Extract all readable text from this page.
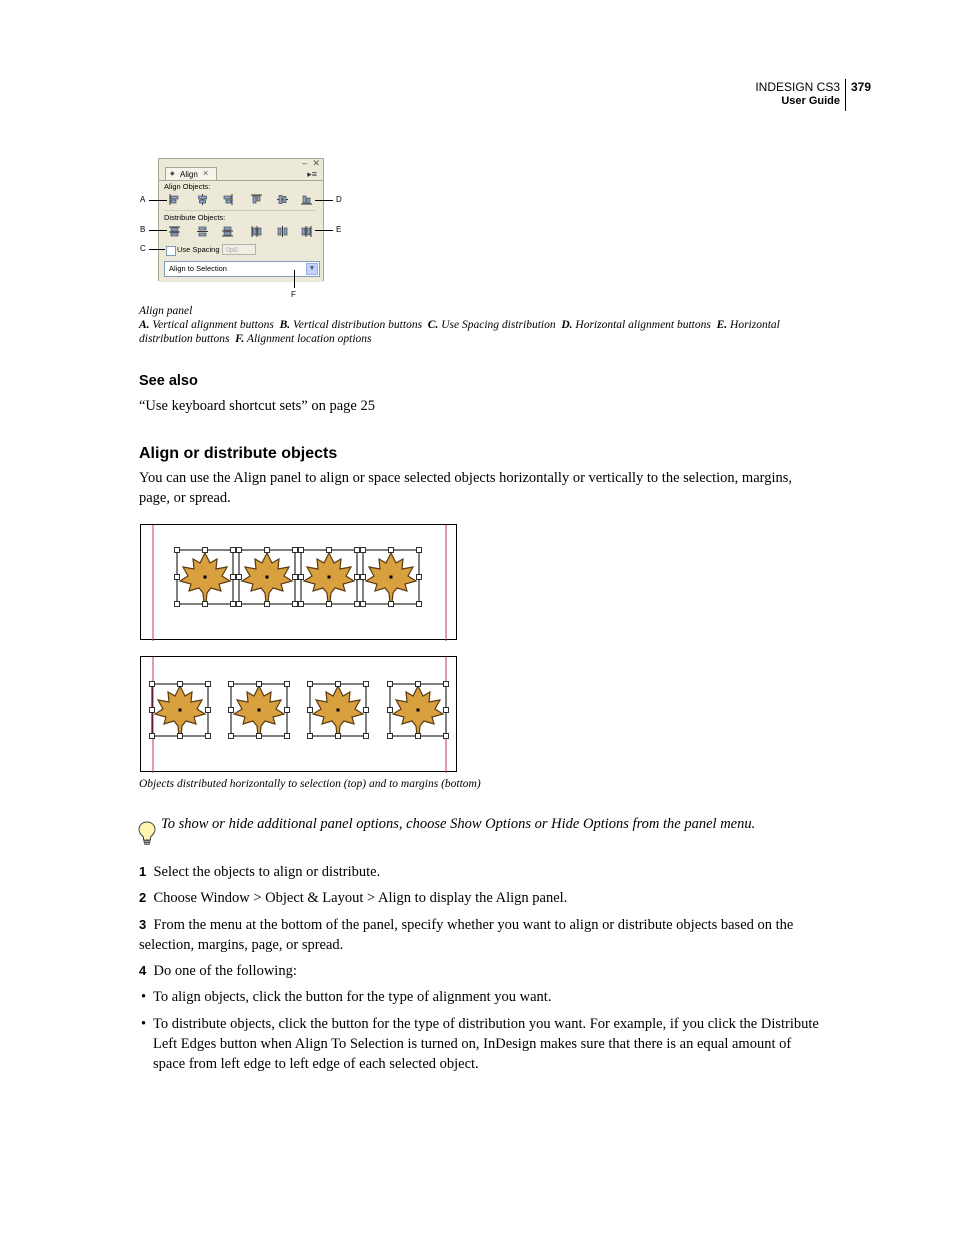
INDESIGN CS3
User Guide
379
– ✕
◆ Align ×	▸≡
Align Objects:
Distribute Objects:
Use Spacing 0p0
Align to Selection	▼
A
B
C
D
E
F
Align panel
A. Vertical alignment buttons B. Vertical distribution buttons C. Use Spacing distribution D. Horizontal alignment buttons E. Horizontal distribution buttons F. Alignment location options
See also
“Use keyboard shortcut sets” on page 25
Align or distribute objects
You can use the Align panel to align or space selected objects horizontally or vertically to the selection, margins, page, or spread.
Objects distributed horizontally to selection (top) and to margins (bottom)
To show or hide additional panel options, choose Show Options or Hide Options from the panel menu.
1 Select the objects to align or distribute.
2 Choose Window > Object & Layout > Align to display the Align panel.
3 From the menu at the bottom of the panel, specify whether you want to align or distribute objects based on the selection, margins, page, or spread.
4 Do one of the following:
• To align objects, click the button for the type of alignment you want.
• To distribute objects, click the button for the type of distribution you want. For example, if you click the Distribute Left Edges button when Align To Selection is turned on, InDesign makes sure that there is an equal amount of space from left edge to left edge of each selected object.
